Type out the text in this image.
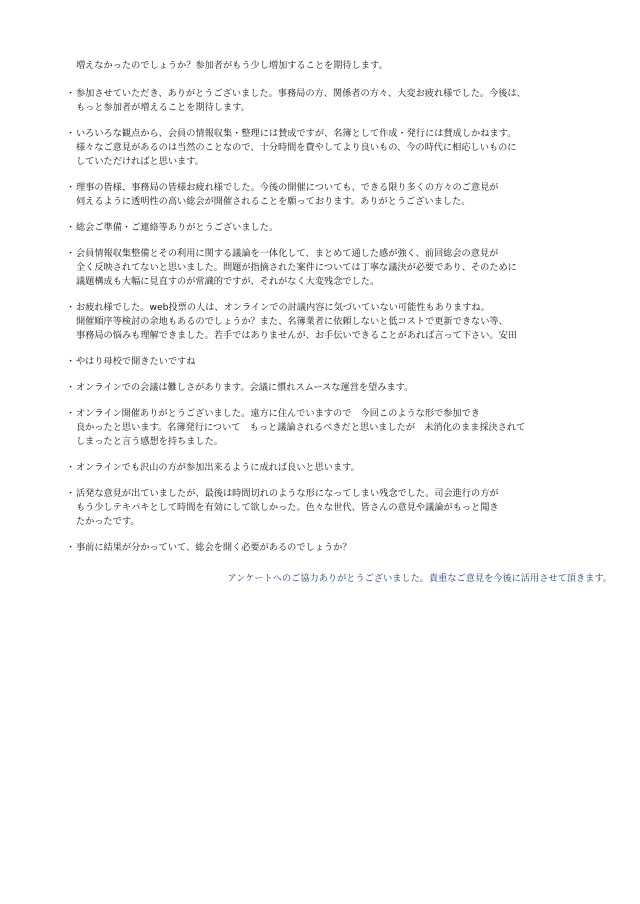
増えなかったのでしょうか？参加者がもう少し増加することを期待します。
・ 参加させていただき、ありがとうございました。事務局の方、関係者の方々、大変お疲れ様でした。今後は、
もっと参加者が増えることを期待します。
・ いろいろな観点から、会員の情報収集・整理には賛成ですが、名簿として作成・発行には賛成しかねます。
様々なご意見があるのは当然のことなので、十分時間を費やしてより良いもの、今の時代に相応しいものに
していただければと思います。
・ 理事の皆様、事務局の皆様お疲れ様でした。今後の開催についても、できる限り多くの方々のご意見が
伺えるように透明性の高い総会が開催されることを願っております。ありがとうございました。
・ 総会ご準備・ご連絡等ありがとうございました。
・ 会員情報収集整備とその利用に関する議論を一体化して、まとめて通した感が強く、前回総会の意見が
全く反映されてないと思いました。問題が指摘された案件については丁寧な議決が必要であり、そのために
議題構成も大幅に見直すのが常識的ですが、それがなく大変残念でした。
・ お疲れ様でした。web投票の人は、オンラインでの討議内容に気づいていない可能性もありますね。
開催順序等検討の余地もあるのでしょうか？また、名簿業者に依頼しないと低コストで更新できない等、
事務局の悩みも理解できました。若手ではありませんが、お手伝いできることがあれば言って下さい。安田
・ やはり母校で開きたいですね
・ オンラインでの会議は難しさがあります。会議に慣れスムースな運営を望みます。
・ オンライン開催ありがとうございました。遠方に住んでいますので　今回このような形で参加でき
良かったと思います。名簿発行について　もっと議論されるべきだと思いましたが　未消化のまま採決されて
しまったと言う感想を持ちました。
・ オンラインでも沢山の方が参加出来るように成れば良いと思います。
・ 活発な意見が出ていましたが、最後は時間切れのような形になってしまい残念でした。司会進行の方が
もう少しテキパキとして時間を有効にして欲しかった。色々な世代、皆さんの意見や議論がもっと聞き
たかったです。
・ 事前に結果が分かっていて、総会を開く必要があるのでしょうか？
アンケートへのご協力ありがとうございました。貴重なご意見を今後に活用させて頂きます。
